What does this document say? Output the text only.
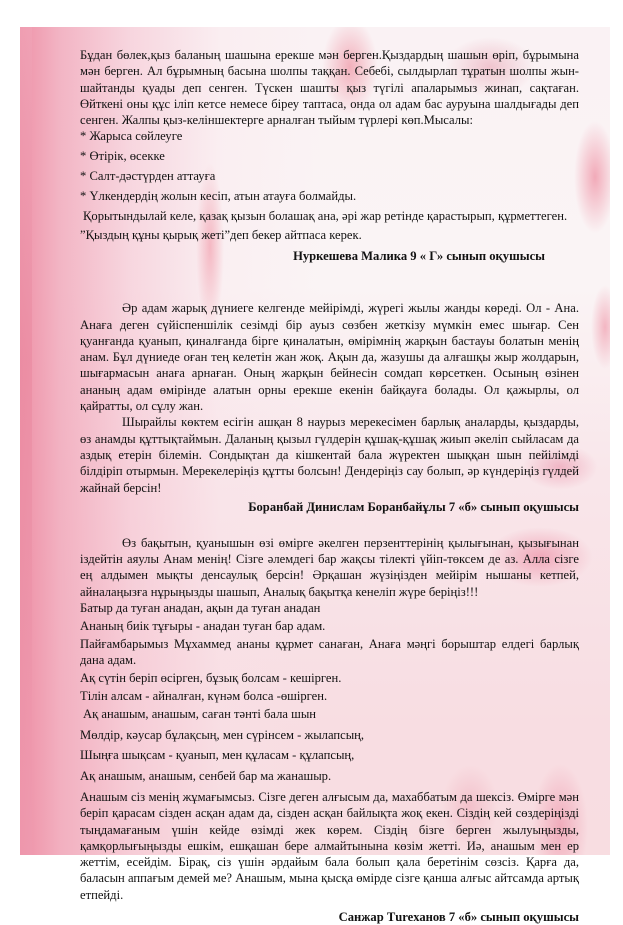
Бұдан бөлек,қыз баланың шашына ерекше мән берген.Қыздардың шашын өріп, бұрымына мән берген. Ал бұрымның басына шолпы таққан. Себебі, сылдырлап тұратын шолпы жын-шайтанды қуады деп сенген. Түскен шашты қыз түгілі апаларымыз жинап, сақтаған. Өйткені оны құс іліп кетсе немесе біреу таптаса, онда ол адам бас ауруына шалдығады деп сенген. Жалпы қыз-келіншектерге арналған тыйым түрлері көп.Мысалы:

* Жарыса сөйлеуге

* Өтірік, өсекке

* Салт-дәстүрден аттауға

* Үлкендердің жолын кесіп, атын атауға болмайды.

Қорытындылай келе, қазақ қызын болашақ ана, әрі жар ретінде қарастырып, құрметтеген.

”Қыздың құны қырық жеті”деп бекер айтпаса керек.

Нуркешева Малика 9 « Г» сынып оқушысы

Әр адам жарық дүниеге келгенде мейірімді, жүрегі жылы жанды көреді. Ол - Ана. Анаға деген сүйіспеншілік сезімді бір ауыз сөзбен жеткізу мүмкін емес шығар. Сен қуанғанда қуанып, қиналғанда бірге қиналатын, өмірімнің жарқын бастауы болатын менің анам. Бұл дүниеде оған тең келетін жан жоқ. Ақын да, жазушы да алғашқы жыр жолдарын, шығармасын анаға арнаған. Оның жарқын бейнесін сомдап көрсеткен. Осының өзінен ананың адам өмірінде алатын орны ерекше екенін байқауға болады. Ол қажырлы, ол қайратты, ол сұлу жан.

Шырайлы көктем есігін ашқан 8 наурыз мерекесімен барлық аналарды, қыздарды, өз анамды құттықтаймын. Даланың қызыл гүлдерін құшақ-құшақ жиып әкеліп сыйласам да аздық етерін білемін. Сондықтан да кішкентай бала жүректен шыққан шын пейілімді білдіріп отырмын. Мерекелеріңіз құтты болсын! Дендеріңіз сау болып, әр күндеріңіз гүлдей жайнай берсін!

Боранбай Динислам Боранбайұлы 7 «б» сынып оқушысы

Өз бақытын, қуанышын өзі өмірге әкелген перзенттерінің қылығынан, қызығынан іздейтін аяулы Анам менің! Сізге әлемдегі бар жақсы тілекті үйіп-төксем де аз. Алла сізге ең алдымен мықты денсаулық берсін! Әрқашан жүзіңізден мейірім нышаны кетпей, айналаңызға нұрыңызды шашып, Аналық бақытқа кенеліп жүре беріңіз!!!

Батыр да туған анадан, ақын да туған анадан

Ананың биік тұғыры - анадан туған бар адам.

Пайғамбарымыз Мұхаммед ананы құрмет санаған, Анаға мәңгі борыштар елдегі барлық дана адам.

Ақ сүтін беріп өсірген, бұзық болсам - кешірген.

Тілін алсам - айналған, күнәм болса -өшірген.

Ақ анашым, анашым, саған тәнті бала шын

Мөлдір, кәусар бұлақсың, мен сүрінсем - жылапсың,

Шыңға шықсам - қуанып, мен құласам - құлапсың,

Ақ анашым, анашым, сенбей бар ма жанашыр.

Анашым сіз менің жұмағымсыз. Сізге деген алғысым да, махаббатым да шексіз. Өмірге мән беріп қарасам сізден асқан адам да, сізден асқан байлықта жоқ екен. Сіздің кей сөздеріңізді тыңдамағаным үшін кейде өзімді жек көрем. Сіздің бізге берген жылуыңызды, қамқорлығыңызды ешкім, ешқашан бере алмайтынына көзім жетті. Иә, анашым мен ер жеттім, есейдім. Бірақ, сіз үшін әрдайым бала болып қала беретінім сөзсіз. Қарға да, баласын аппағым демей ме? Анашым, мына қысқа өмірде сізге қанша алғыс айтсамда артық етпейді.

Санжар Тureханов 7 «б» сынып оқушысы
